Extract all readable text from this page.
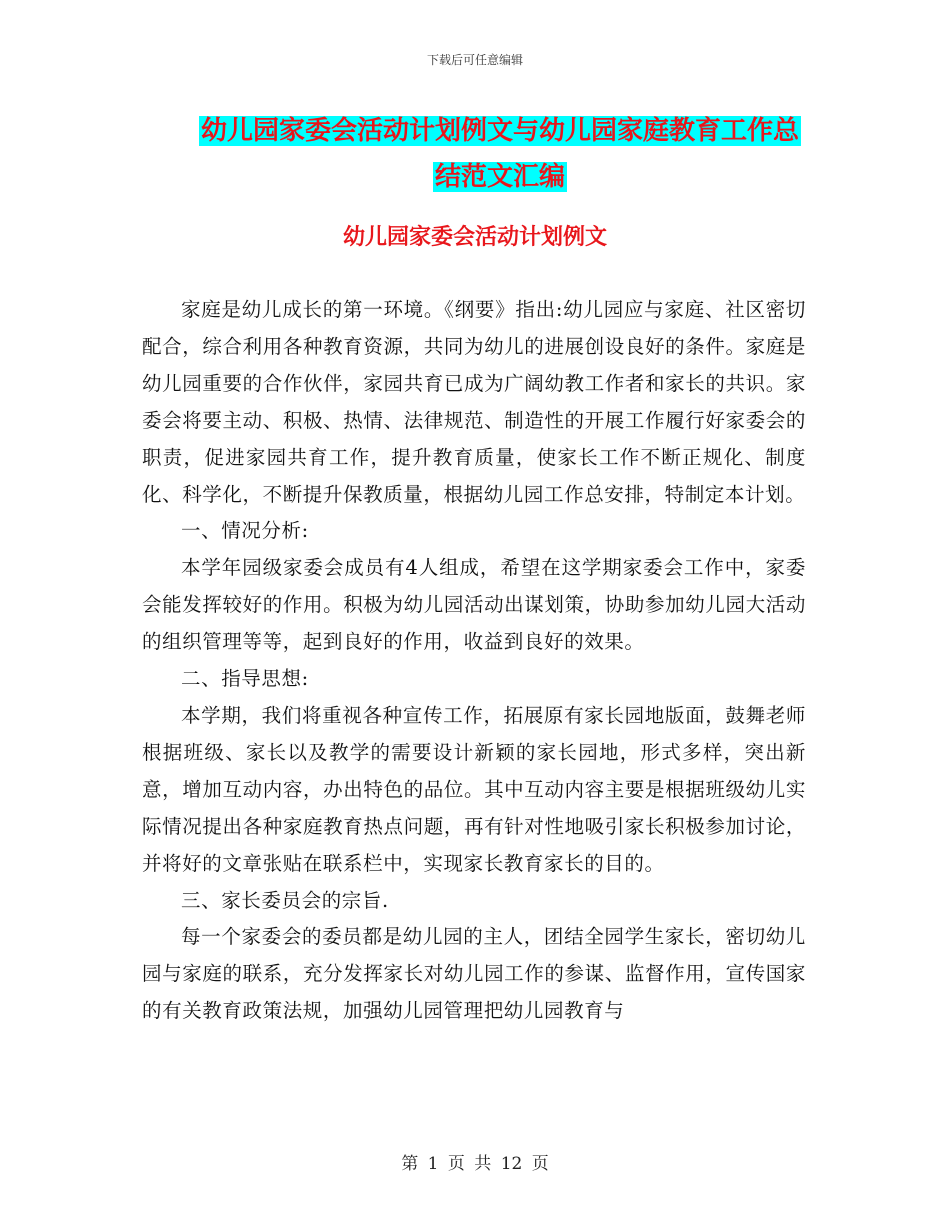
下载后可任意编辑
幼儿园家委会活动计划例文与幼儿园家庭教育工作总
结范文汇编
幼儿园家委会活动计划例文

家庭是幼儿成长的第一环境。《纲要》指出:幼儿园应与家庭、社区密切配合，综合利用各种教育资源，共同为幼儿的进展创设良好的条件。家庭是幼儿园重要的合作伙伴，家园共育已成为广阔幼教工作者和家长的共识。家委会将要主动、积极、热情、法律规范、制造性的开展工作履行好家委会的职责，促进家园共育工作，提升教育质量，使家长工作不断正规化、制度化、科学化，不断提升保教质量，根据幼儿园工作总安排，特制定本计划。

一、情况分析:

本学年园级家委会成员有4人组成，希望在这学期家委会工作中，家委会能发挥较好的作用。积极为幼儿园活动出谋划策，协助参加幼儿园大活动的组织管理等等，起到良好的作用，收益到良好的效果。

二、指导思想:

本学期，我们将重视各种宣传工作，拓展原有家长园地版面，鼓舞老师根据班级、家长以及教学的需要设计新颖的家长园地，形式多样，突出新意，增加互动内容，办出特色的品位。其中互动内容主要是根据班级幼儿实际情况提出各种家庭教育热点问题，再有针对性地吸引家长积极参加讨论，并将好的文章张贴在联系栏中，实现家长教育家长的目的。

三、家长委员会的宗旨.

每一个家委会的委员都是幼儿园的主人，团结全园学生家长，密切幼儿园与家庭的联系，充分发挥家长对幼儿园工作的参谋、监督作用，宣传国家的有关教育政策法规，加强幼儿园管理把幼儿园教育与

第 1 页 共 12 页
